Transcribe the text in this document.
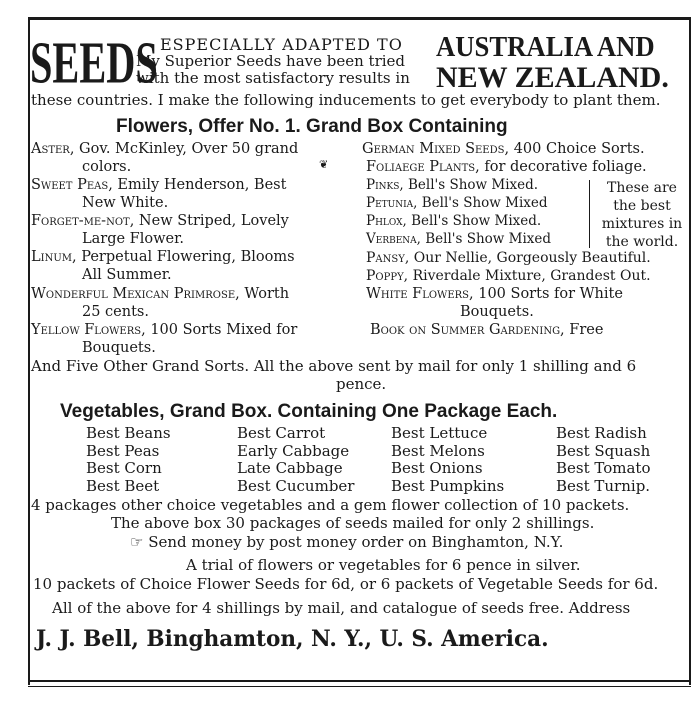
SEEDS ESPECIALLY ADAPTED TO
My Superior Seeds have been tried
with the most satisfactory results in
AUSTRALIA AND
NEW ZEALAND.
these countries. I make the following inducements to get everybody to plant them.
Flowers, Offer No. 1. Grand Box Containing
Aster, Gov. McKinley, Over 50 grand
colors.	❦
Sweet Peas, Emily Henderson, Best
New White.
Forget-me-not, New Striped, Lovely
Large Flower.
Linum, Perpetual Flowering, Blooms
All Summer.
Wonderful Mexican Primrose, Worth
25 cents.
Yellow Flowers, 100 Sorts Mixed for
Bouquets.
German Mixed Seeds, 400 Choice Sorts.
Foliaege Plants, for decorative foliage.
Pinks, Bell's Show Mixed.
Petunia, Bell's Show Mixed
Phlox, Bell's Show Mixed.
Verbena, Bell's Show Mixed
These are
the best
mixtures in
the world.
Pansy, Our Nellie, Gorgeously Beautiful.
Poppy, Riverdale Mixture, Grandest Out.
White Flowers, 100 Sorts for White
Bouquets.
Book on Summer Gardening, Free
And Five Other Grand Sorts. All the above sent by mail for only 1 shilling and 6
pence.
Vegetables, Grand Box. Containing One Package Each.
Best Beans
Best Peas
Best Corn
Best Beet
Best Carrot
Early Cabbage
Late Cabbage
Best Cucumber
Best Lettuce
Best Melons
Best Onions
Best Pumpkins
Best Radish
Best Squash
Best Tomato
Best Turnip.
4 packages other choice vegetables and a gem flower collection of 10 packets.
The above box 30 packages of seeds mailed for only 2 shillings.
☞ Send money by post money order on Binghamton, N.Y.
A trial of flowers or vegetables for 6 pence in silver.
10 packets of Choice Flower Seeds for 6d, or 6 packets of Vegetable Seeds for 6d.
All of the above for 4 shillings by mail, and catalogue of seeds free. Address
J. J. Bell, Binghamton, N. Y., U. S. America.
